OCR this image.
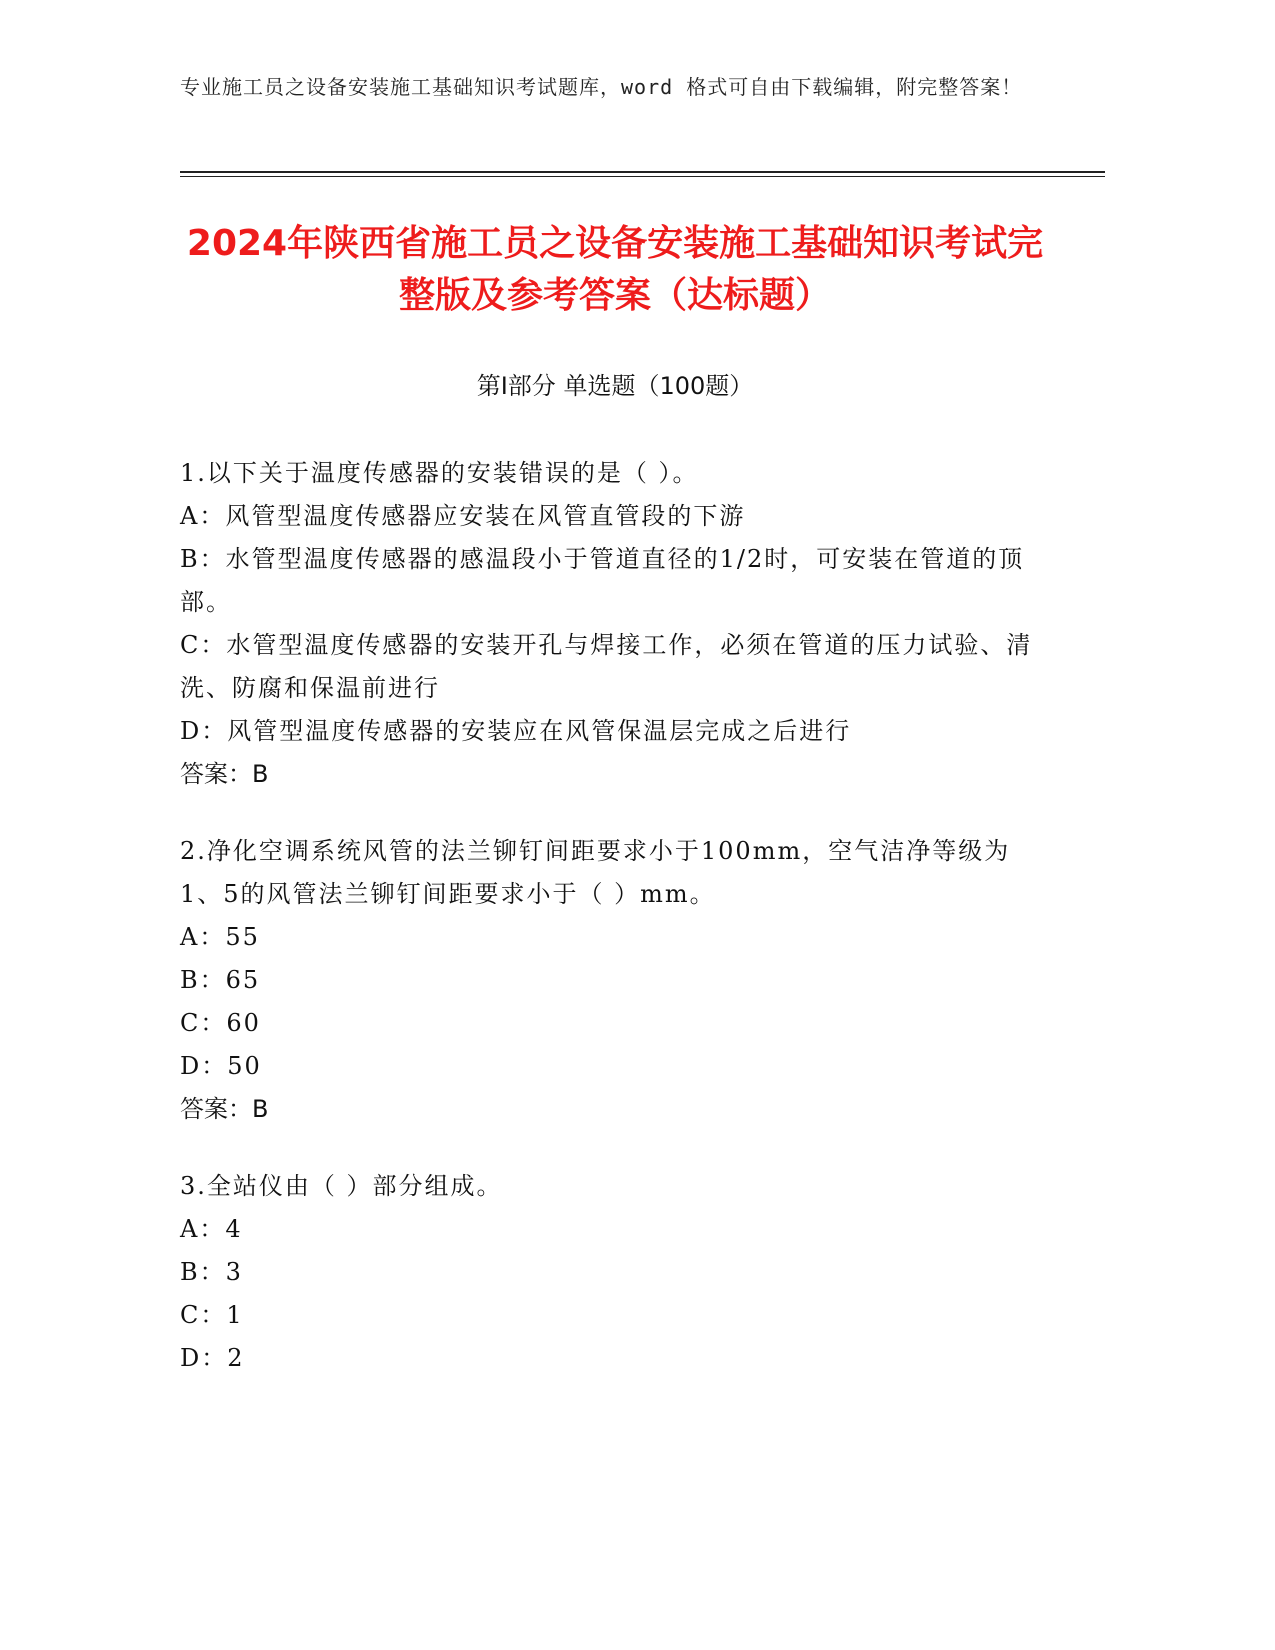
专业施工员之设备安装施工基础知识考试题库，word 格式可自由下载编辑，附完整答案！
2024年陕西省施工员之设备安装施工基础知识考试完整版及参考答案（达标题）
第Ⅰ部分 单选题（100题）
1.以下关于温度传感器的安装错误的是（ ）。
A：风管型温度传感器应安装在风管直管段的下游
B：水管型温度传感器的感温段小于管道直径的1/2时，可安装在管道的顶部。
C：水管型温度传感器的安装开孔与焊接工作，必须在管道的压力试验、清洗、防腐和保温前进行
D：风管型温度传感器的安装应在风管保温层完成之后进行
答案：B
2.净化空调系统风管的法兰铆钉间距要求小于100mm，空气洁净等级为1、5的风管法兰铆钉间距要求小于（ ）mm。
A：55
B：65
C：60
D：50
答案：B
3.全站仪由（ ）部分组成。
A：4
B：3
C：1
D：2
